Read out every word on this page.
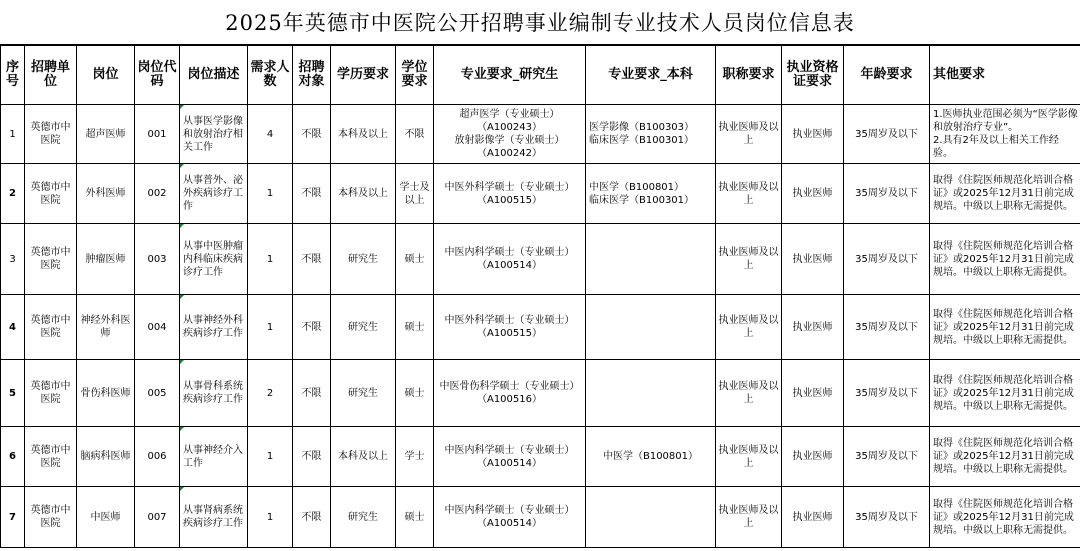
2025年英德市中医院公开招聘事业编制专业技术人员岗位信息表
序号	招聘单位	岗位	岗位代码	岗位描述	需求人数	招聘对象	学历要求	学位要求	专业要求_研究生	专业要求_本科	职称要求	执业资格证要求	年龄要求	其他要求
1	英德市中医院	超声医师	001	从事医学影像和放射治疗相关工作	4	不限	本科及以上	不限	超声医学（专业硕士）
（A100243）
放射影像学（专业硕士）
（A100242）	医学影像（B100303）
临床医学（B100301）	执业医师及以上	执业医师	35周岁及以下	1.医师执业范围必须为“医学影像和放射治疗专业”。
2.具有2年及以上相关工作经验。
2	英德市中医院	外科医师	002	从事普外、泌外疾病诊疗工作	1	不限	本科及以上	学士及以上	中医外科学硕士（专业硕士）
（A100515）	中医学（B100801）
临床医学（B100301）	执业医师及以上	执业医师	35周岁及以下	取得《住院医师规范化培训合格证》或2025年12月31日前完成规培。中级以上职称无需提供。
3	英德市中医院	肿瘤医师	003	从事中医肿瘤内科临床疾病诊疗工作	1	不限	研究生	硕士	中医内科学硕士（专业硕士）
（A100514）		执业医师及以上	执业医师	35周岁及以下	取得《住院医师规范化培训合格证》或2025年12月31日前完成规培。中级以上职称无需提供。
4	英德市中医院	神经外科医师	004	从事神经外科疾病诊疗工作	1	不限	研究生	硕士	中医外科学硕士（专业硕士）
（A100515）		执业医师及以上	执业医师	35周岁及以下	取得《住院医师规范化培训合格证》或2025年12月31日前完成规培。中级以上职称无需提供。
5	英德市中医院	骨伤科医师	005	从事骨科系统疾病诊疗工作	2	不限	研究生	硕士	中医骨伤科学硕士（专业硕士）（A100516）		执业医师及以上	执业医师	35周岁及以下	取得《住院医师规范化培训合格证》或2025年12月31日前完成规培。中级以上职称无需提供。
6	英德市中医院	脑病科医师	006	从事神经介入工作	1	不限	本科及以上	学士	中医内科学硕士（专业硕士）
（A100514）	中医学（B100801）	执业医师及以上	执业医师	35周岁及以下	取得《住院医师规范化培训合格证》或2025年12月31日前完成规培。中级以上职称无需提供。
7	英德市中医院	中医师	007	从事肾病系统疾病诊疗工作	1	不限	研究生	硕士	中医内科学硕士（专业硕士）
（A100514）		执业医师及以上	执业医师	35周岁及以下	取得《住院医师规范化培训合格证》或2025年12月31日前完成规培。中级以上职称无需提供。
